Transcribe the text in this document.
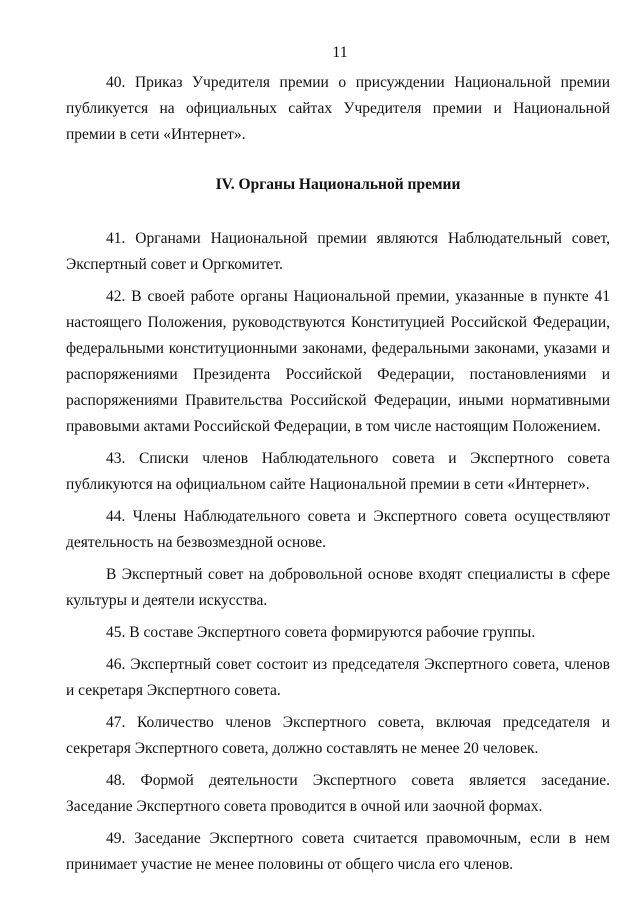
11

40. Приказ Учредителя премии о присуждении Национальной премии публикуется на официальных сайтах Учредителя премии и Национальной премии в сети «Интернет».

IV. Органы Национальной премии

41. Органами Национальной премии являются Наблюдательный совет, Экспертный совет и Оргкомитет.

42. В своей работе органы Национальной премии, указанные в пункте 41 настоящего Положения, руководствуются Конституцией Российской Федерации, федеральными конституционными законами, федеральными законами, указами и распоряжениями Президента Российской Федерации, постановлениями и распоряжениями Правительства Российской Федерации, иными нормативными правовыми актами Российской Федерации, в том числе настоящим Положением.

43. Списки членов Наблюдательного совета и Экспертного совета публикуются на официальном сайте Национальной премии в сети «Интернет».

44. Члены Наблюдательного совета и Экспертного совета осуществляют деятельность на безвозмездной основе.

В Экспертный совет на добровольной основе входят специалисты в сфере культуры и деятели искусства.

45. В составе Экспертного совета формируются рабочие группы.

46. Экспертный совет состоит из председателя Экспертного совета, членов и секретаря Экспертного совета.

47. Количество членов Экспертного совета, включая председателя и секретаря Экспертного совета, должно составлять не менее 20 человек.

48. Формой деятельности Экспертного совета является заседание. Заседание Экспертного совета проводится в очной или заочной формах.

49. Заседание Экспертного совета считается правомочным, если в нем принимает участие не менее половины от общего числа его членов.
